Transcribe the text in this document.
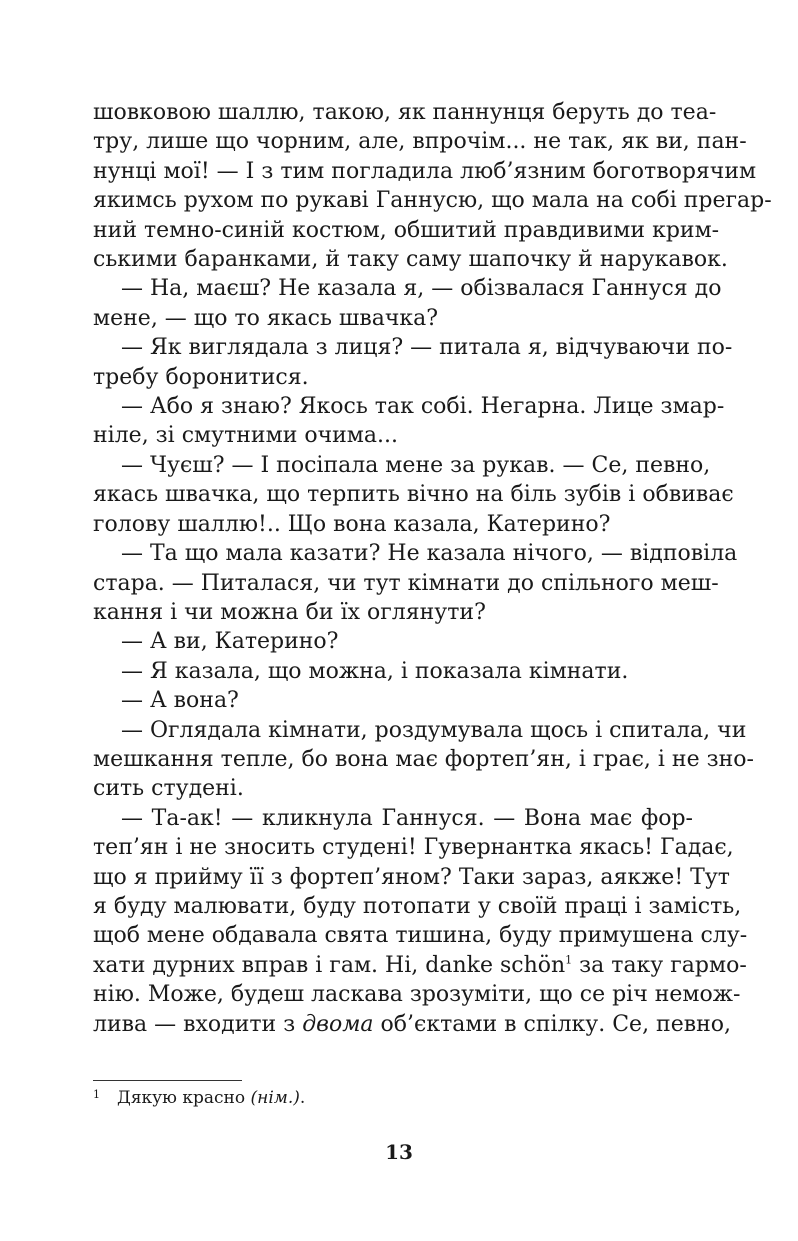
шовковою шаллю, такою, як паннунця беруть до теа-
тру, лише що чорним, але, впрочім... не так, як ви, пан-
нунці мої! — І з тим погладила люб’язним боготворячим
якимсь рухом по рукаві Ганнусю, що мала на собі прегар-
ний темно-синій костюм, обшитий правдивими крим-
ськими баранками, й таку саму шапочку й нарукавок.
— На, маєш? Не казала я, — обізвалася Ганнуся до
мене, — що то якась швачка?
— Як виглядала з лиця? — питала я, відчуваючи по-
требу боронитися.
— Або я знаю? Якось так собі. Негарна. Лице змар-
ніле, зі смутними очима...
— Чуєш? — І посіпала мене за рукав. — Се, певно,
якась швачка, що терпить вічно на біль зубів і обвиває
голову шаллю!.. Що вона казала, Катерино?
— Та що мала казати? Не казала нічого, — відповіла
стара. — Питалася, чи тут кімнати до спільного меш-
кання і чи можна би їх оглянути?
— А ви, Катерино?
— Я казала, що можна, і показала кімнати.
— А вона?
— Оглядала кімнати, роздумувала щось і спитала, чи
мешкання тепле, бо вона має фортеп’ян, і грає, і не зно-
сить студені.
— Та-ак! — кликнула Ганнуся. — Вона має фор-
теп’ян і не зносить студені! Гувернантка якась! Гадає,
що я прийму її з фортеп’яном? Таки зараз, аякже! Тут
я буду малювати, буду потопати у своїй праці і замість,
щоб мене обдавала свята тишина, буду примушена слу-
хати дурних вправ і гам. Ні, danke schön$^1$ за таку гармо-
нію. Може, будеш ласкава зрозуміти, що се річ немож-
лива — входити з двома об’єктами в спілку. Се, певно,
1 Дякую красно (нім.).
13
